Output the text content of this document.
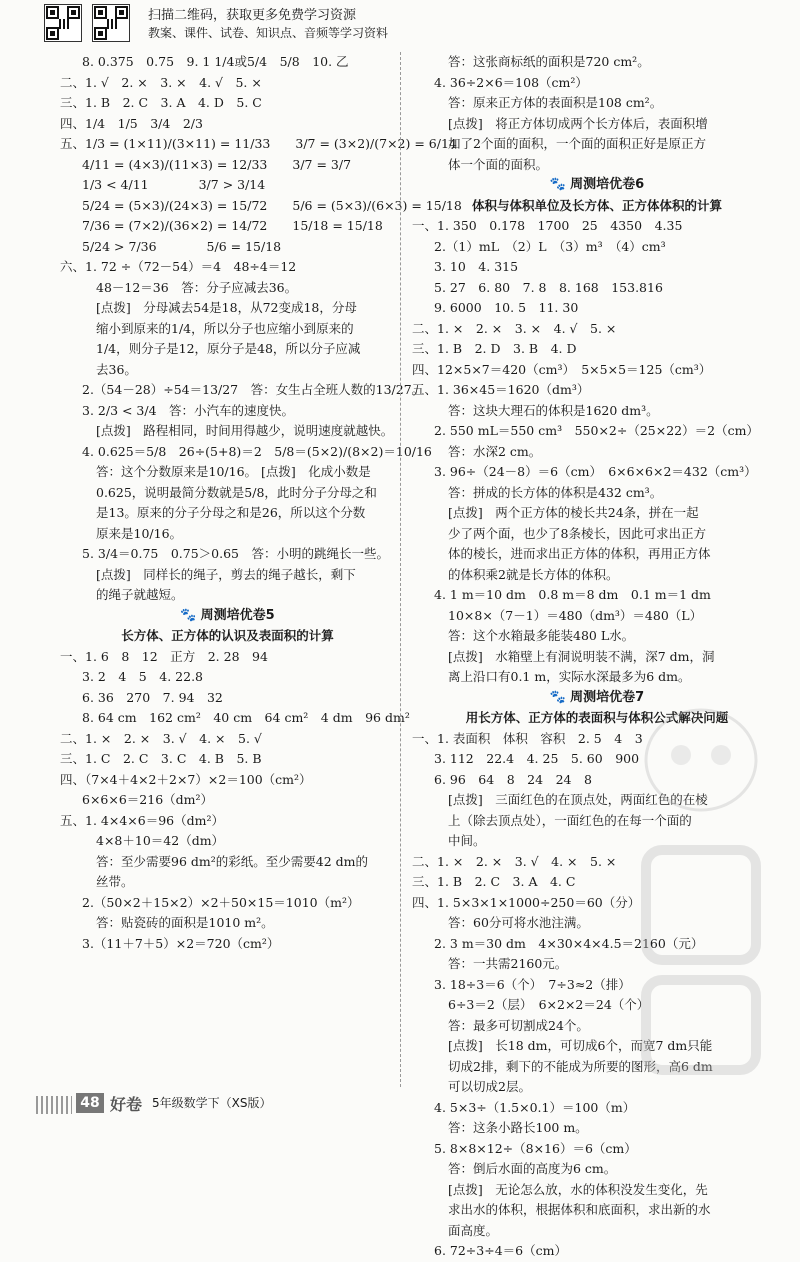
扫描二维码，获取更多免费学习资源
教案、课件、试卷、知识点、音频等学习资料

8. 0.375　0.75　9. 1 1/4或5/4　5/8　10. 乙

二、1. √　2. ×　3. ×　4. √　5. ×

三、1. B　2. C　3. A　4. D　5. C

四、1/4　1/5　3/4　2/3

五、1/3 = (1×11)/(3×11) = 11/33　　3/7 = (3×2)/(7×2) = 6/14

4/11 = (4×3)/(11×3) = 12/33　　3/7 = 3/7

1/3 < 4/11　　　　3/7 > 3/14

5/24 = (5×3)/(24×3) = 15/72　　5/6 = (5×3)/(6×3) = 15/18

7/36 = (7×2)/(36×2) = 14/72　　15/18 = 15/18

5/24 > 7/36　　　　5/6 = 15/18

六、1. 72 ÷（72－54）＝4　48÷4＝12

48－12＝36　答：分子应减去36。

[点拨]　分母减去54是18，从72变成18，分母

缩小到原来的1/4，所以分子也应缩小到原来的

1/4，则分子是12，原分子是48，所以分子应减

去36。

2.（54－28）÷54＝13/27　答：女生占全班人数的13/27。

3. 2/3 < 3/4　答：小汽车的速度快。

[点拨]　路程相同，时间用得越少，说明速度就越快。

4. 0.625＝5/8　26÷(5+8)＝2　5/8＝(5×2)/(8×2)＝10/16

答：这个分数原来是10/16。 [点拨]　化成小数是

0.625，说明最简分数就是5/8，此时分子分母之和

是13。原来的分子分母之和是26，所以这个分数

原来是10/16。

5. 3/4＝0.75　0.75＞0.65　答：小明的跳绳长一些。

[点拨]　同样长的绳子，剪去的绳子越长，剩下

的绳子就越短。

🐾 周测培优卷5

长方体、正方体的认识及表面积的计算

一、1. 6　8　12　正方　2. 28　94

3. 2　4　5　4. 22.8

6. 36　270　7. 94　32

8. 64 cm　162 cm²　40 cm　64 cm²　4 dm　96 dm²

二、1. ×　2. ×　3. √　4. ×　5. √

三、1. C　2. C　3. C　4. B　5. B

四、（7×4＋4×2＋2×7）×2＝100（cm²）

6×6×6＝216（dm²）

五、1. 4×4×6＝96（dm²）

4×8＋10＝42（dm）

答：至少需要96 dm²的彩纸。至少需要42 dm的

丝带。

2.（50×2＋15×2）×2＋50×15＝1010（m²）

答：贴瓷砖的面积是1010 m²。

3.（11＋7＋5）×2＝720（cm²）

答：这张商标纸的面积是720 cm²。

4. 36÷2×6＝108（cm²）

答：原来正方体的表面积是108 cm²。

[点拨]　将正方体切成两个长方体后，表面积增

加了2个面的面积，一个面的面积正好是原正方

体一个面的面积。

🐾 周测培优卷6

体积与体积单位及长方体、正方体体积的计算

一、1. 350　0.178　1700　25　4350　4.35

2.（1）mL　（2）L　（3）m³　（4）cm³

3. 10　4. 315

5. 27　6. 80　7. 8　8. 168　153.816

9. 6000　10. 5　11. 30

二、1. ×　2. ×　3. ×　4. √　5. ×

三、1. B　2. D　3. B　4. D

四、12×5×7＝420（cm³）　5×5×5＝125（cm³）

五、1. 36×45＝1620（dm³）

答：这块大理石的体积是1620 dm³。

2. 550 mL＝550 cm³　550×2÷（25×22）＝2（cm）

答：水深2 cm。

3. 96÷（24－8）＝6（cm）　6×6×6×2＝432（cm³）

答：拼成的长方体的体积是432 cm³。

[点拨]　两个正方体的棱长共24条，拼在一起

少了两个面，也少了8条棱长，因此可求出正方

体的棱长，进而求出正方体的体积，再用正方体

的体积乘2就是长方体的体积。

4. 1 m＝10 dm　0.8 m＝8 dm　0.1 m＝1 dm

10×8×（7－1）＝480（dm³）＝480（L）

答：这个水箱最多能装480 L水。

[点拨]　水箱壁上有洞说明装不满，深7 dm，洞

离上沿口有0.1 m，实际水深最多为6 dm。

🐾 周测培优卷7

用长方体、正方体的表面积与体积公式解决问题

一、1. 表面积　体积　容积　2. 5　4　3

3. 112　22.4　4. 25　5. 60　900

6. 96　64　8　24　24　8

[点拨]　三面红色的在顶点处，两面红色的在棱

上（除去顶点处），一面红色的在每一个面的

中间。

二、1. ×　2. ×　3. √　4. ×　5. ×

三、1. B　2. C　3. A　4. C

四、1. 5×3×1×1000÷250＝60（分）

答：60分可将水池注满。

2. 3 m＝30 dm　4×30×4×4.5＝2160（元）

答：一共需2160元。

3. 18÷3＝6（个）　7÷3≈2（排）

6÷3＝2（层）　6×2×2＝24（个）

答：最多可切割成24个。

[点拨]　长18 dm，可切成6个，而宽7 dm只能

切成2排，剩下的不能成为所要的图形，高6 dm

可以切成2层。

4. 5×3÷（1.5×0.1）＝100（m）

答：这条小路长100 m。

5. 8×8×12÷（8×16）＝6（cm）

答：倒后水面的高度为6 cm。

[点拨]　无论怎么放，水的体积没发生变化，先

求出水的体积，根据体积和底面积，求出新的水

面高度。

6. 72÷3÷4＝6（cm）

48 好卷 5年级数学下（XS版）
